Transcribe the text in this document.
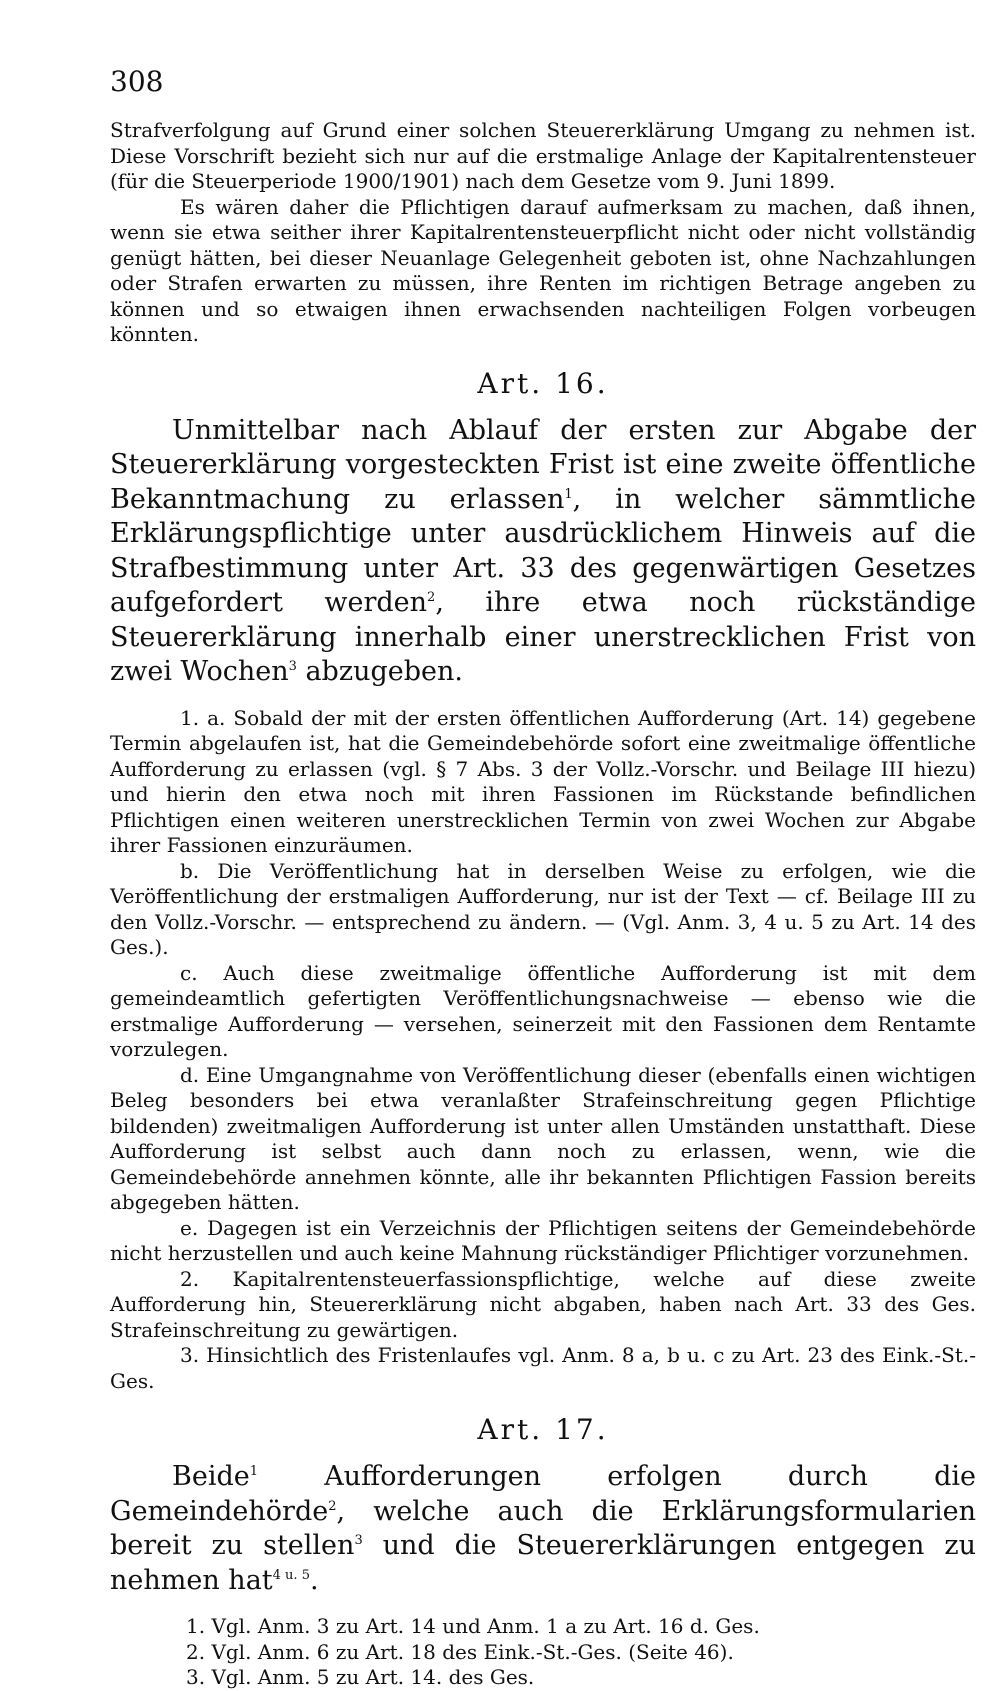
308

Strafverfolgung auf Grund einer solchen Steuererklärung Umgang zu nehmen ist. Diese Vorschrift bezieht sich nur auf die erstmalige Anlage der Kapitalrentensteuer (für die Steuerperiode 1900/1901) nach dem Gesetze vom 9. Juni 1899.

Es wären daher die Pflichtigen darauf aufmerksam zu machen, daß ihnen, wenn sie etwa seither ihrer Kapitalrentensteuerpflicht nicht oder nicht vollständig genügt hätten, bei dieser Neuanlage Gelegenheit geboten ist, ohne Nachzahlungen oder Strafen erwarten zu müssen, ihre Renten im richtigen Betrage angeben zu können und so etwaigen ihnen erwachsenden nachteiligen Folgen vorbeugen könnten.

Art. 16.

Unmittelbar nach Ablauf der ersten zur Abgabe der Steuererklärung vorgesteckten Frist ist eine zweite öffentliche Bekanntmachung zu erlassen$^1$, in welcher sämmtliche Erklärungspflichtige unter ausdrücklichem Hinweis auf die Strafbestimmung unter Art. 33 des gegenwärtigen Gesetzes aufgefordert werden$^2$, ihre etwa noch rückständige Steuererklärung innerhalb einer unerstrecklichen Frist von zwei Wochen$^3$ abzugeben.

1. a. Sobald der mit der ersten öffentlichen Aufforderung (Art. 14) gegebene Termin abgelaufen ist, hat die Gemeindebehörde sofort eine zweitmalige öffentliche Aufforderung zu erlassen (vgl. § 7 Abs. 3 der Vollz.-Vorschr. und Beilage III hiezu) und hierin den etwa noch mit ihren Fassionen im Rückstande befindlichen Pflichtigen einen weiteren unerstrecklichen Termin von zwei Wochen zur Abgabe ihrer Fassionen einzuräumen.

b. Die Veröffentlichung hat in derselben Weise zu erfolgen, wie die Veröffentlichung der erstmaligen Aufforderung, nur ist der Text — cf. Beilage III zu den Vollz.-Vorschr. — entsprechend zu ändern. — (Vgl. Anm. 3, 4 u. 5 zu Art. 14 des Ges.).

c. Auch diese zweitmalige öffentliche Aufforderung ist mit dem gemeindeamtlich gefertigten Veröffentlichungsnachweise — ebenso wie die erstmalige Aufforderung — versehen, seinerzeit mit den Fassionen dem Rentamte vorzulegen.

d. Eine Umgangnahme von Veröffentlichung dieser (ebenfalls einen wichtigen Beleg besonders bei etwa veranlaßter Strafeinschreitung gegen Pflichtige bildenden) zweitmaligen Aufforderung ist unter allen Umständen unstatthaft. Diese Aufforderung ist selbst auch dann noch zu erlassen, wenn, wie die Gemeindebehörde annehmen könnte, alle ihr bekannten Pflichtigen Fassion bereits abgegeben hätten.

e. Dagegen ist ein Verzeichnis der Pflichtigen seitens der Gemeindebehörde nicht herzustellen und auch keine Mahnung rückständiger Pflichtiger vorzunehmen.

2. Kapitalrentensteuerfassionspflichtige, welche auf diese zweite Aufforderung hin, Steuererklärung nicht abgaben, haben nach Art. 33 des Ges. Strafeinschreitung zu gewärtigen.

3. Hinsichtlich des Fristenlaufes vgl. Anm. 8 a, b u. c zu Art. 23 des Eink.-St.-Ges.

Art. 17.

Beide$^1$ Aufforderungen erfolgen durch die Gemeindehörde$^2$, welche auch die Erklärungsformularien bereit zu stellen$^3$ und die Steuererklärungen entgegen zu nehmen hat$^{4 u. 5}$.

1. Vgl. Anm. 3 zu Art. 14 und Anm. 1 a zu Art. 16 d. Ges.

2. Vgl. Anm. 6 zu Art. 18 des Eink.-St.-Ges. (Seite 46).

3. Vgl. Anm. 5 zu Art. 14. des Ges.
